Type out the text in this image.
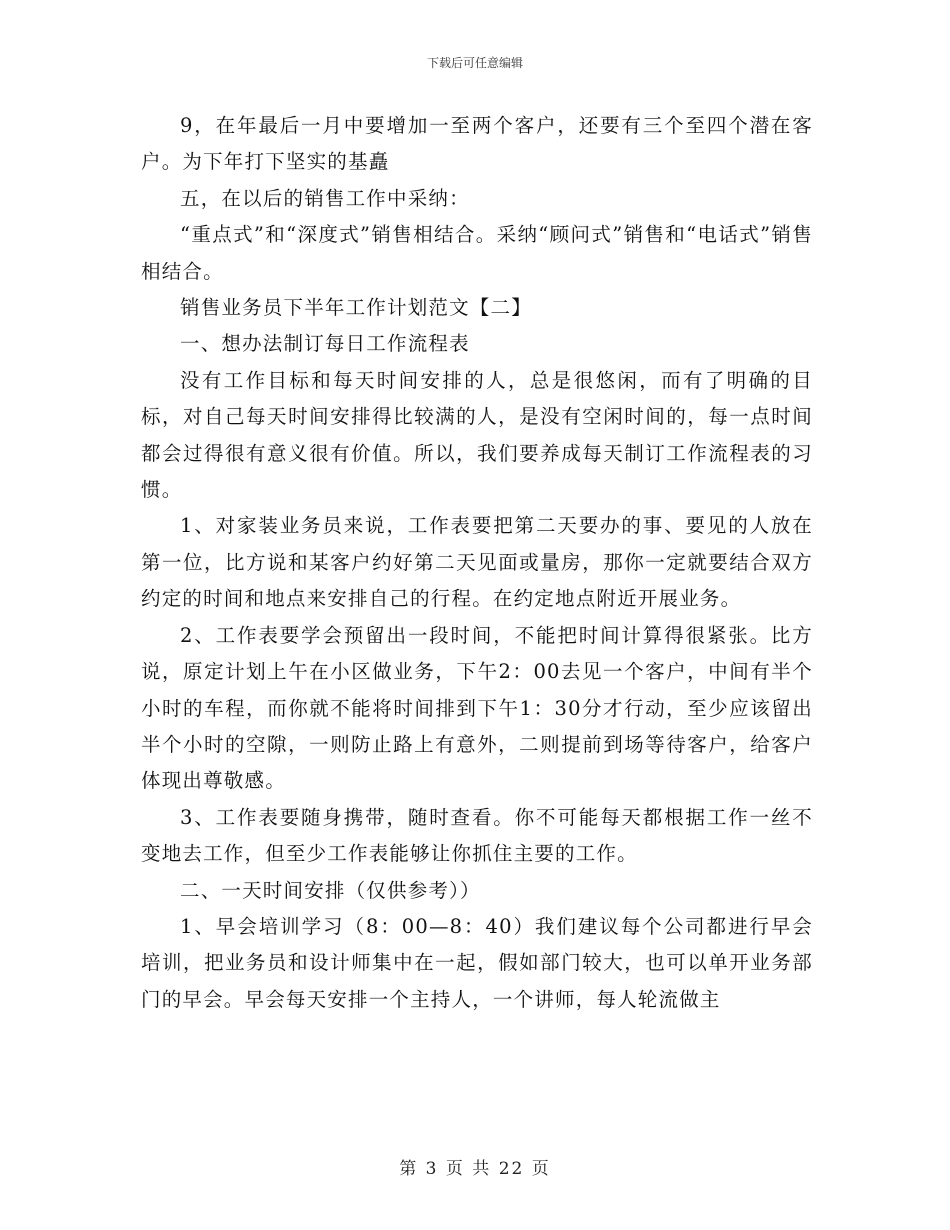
下载后可任意编辑

9，在年最后一月中要增加一至两个客户，还要有三个至四个潜在客户。为下年打下坚实的基矗

五，在以后的销售工作中采纳：

“重点式”和“深度式”销售相结合。采纳“顾问式”销售和“电话式”销售相结合。

销售业务员下半年工作计划范文【二】

一、想办法制订每日工作流程表

没有工作目标和每天时间安排的人，总是很悠闲，而有了明确的目标，对自己每天时间安排得比较满的人，是没有空闲时间的，每一点时间都会过得很有意义很有价值。所以，我们要养成每天制订工作流程表的习惯。

1、对家装业务员来说，工作表要把第二天要办的事、要见的人放在第一位，比方说和某客户约好第二天见面或量房，那你一定就要结合双方约定的时间和地点来安排自己的行程。在约定地点附近开展业务。

2、工作表要学会预留出一段时间，不能把时间计算得很紧张。比方说，原定计划上午在小区做业务，下午2：00去见一个客户，中间有半个小时的车程，而你就不能将时间排到下午1：30分才行动，至少应该留出半个小时的空隙，一则防止路上有意外，二则提前到场等待客户，给客户体现出尊敬感。

3、工作表要随身携带，随时查看。你不可能每天都根据工作一丝不变地去工作，但至少工作表能够让你抓住主要的工作。

二、一天时间安排（仅供参考））

1、早会培训学习（8：00—8：40）我们建议每个公司都进行早会培训，把业务员和设计师集中在一起，假如部门较大，也可以单开业务部门的早会。早会每天安排一个主持人，一个讲师，每人轮流做主

第 3 页 共 22 页
